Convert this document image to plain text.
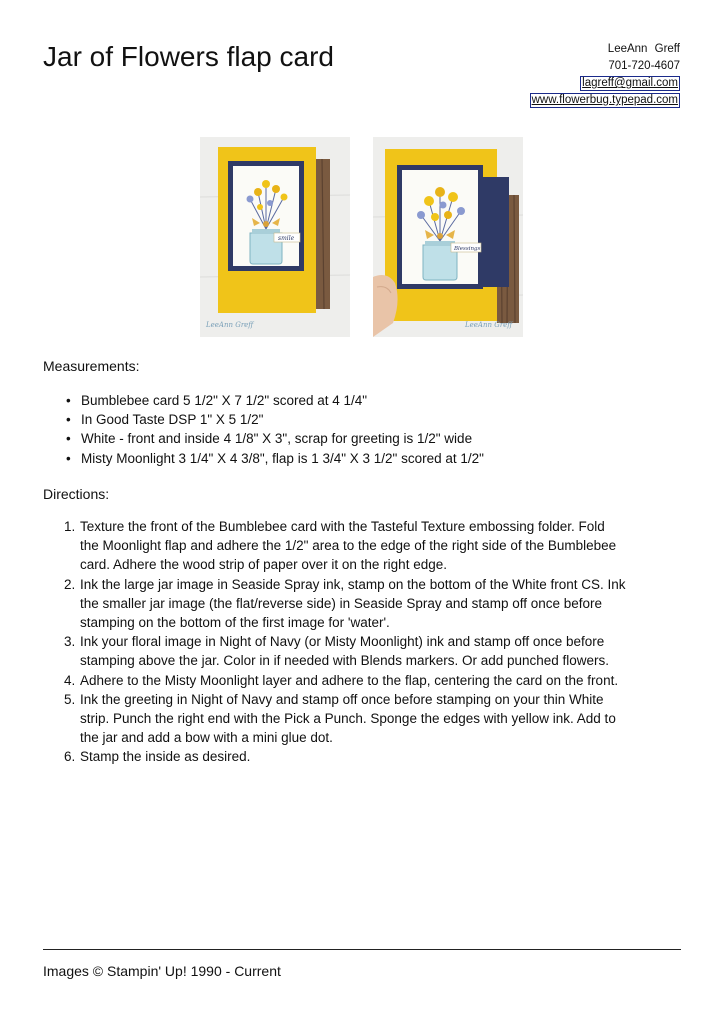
Jar of Flowers flap card	LeeAnn Greff
701-720-4607
lagreff@gmail.com
www.flowerbug.typepad.com
smile
LeeAnn Greff
Blessings
LeeAnn Greff
Measurements:
• Bumblebee card 5 1/2" X 7 1/2" scored at 4 1/4"
• In Good Taste DSP 1" X 5 1/2"
• White - front and inside 4 1/8" X 3", scrap for greeting is 1/2" wide
• Misty Moonlight 3 1/4" X 4 3/8", flap is 1 3/4" X 3 1/2" scored at 1/2"
Directions:
1. Texture the front of the Bumblebee card with the Tasteful Texture embossing folder. Fold
the Moonlight flap and adhere the 1/2" area to the edge of the right side of the Bumblebee
card. Adhere the wood strip of paper over it on the right edge.
2. Ink the large jar image in Seaside Spray ink, stamp on the bottom of the White front CS. Ink
the smaller jar image (the flat/reverse side) in Seaside Spray and stamp off once before
stamping on the bottom of the first image for 'water'.
3. Ink your floral image in Night of Navy (or Misty Moonlight) ink and stamp off once before
stamping above the jar. Color in if needed with Blends markers. Or add punched flowers.
4. Adhere to the Misty Moonlight layer and adhere to the flap, centering the card on the front.
5. Ink the greeting in Night of Navy and stamp off once before stamping on your thin White
strip. Punch the right end with the Pick a Punch. Sponge the edges with yellow ink. Add to
the jar and add a bow with a mini glue dot.
6. Stamp the inside as desired.
Images © Stampin' Up! 1990 - Current
